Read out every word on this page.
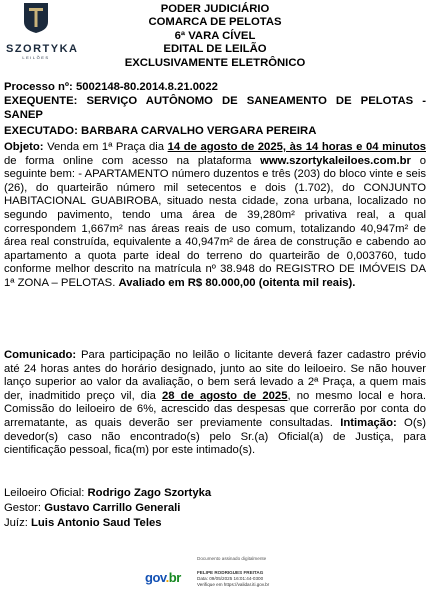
SZORTYKA
LEILÕES
PODER JUDICIÁRIO
COMARCA DE PELOTAS
6ª VARA CÍVEL
EDITAL DE LEILÃO
EXCLUSIVAMENTE ELETRÔNICO
Processo nº: 5002148-80.2014.8.21.0022
EXEQUENTE: SERVIÇO AUTÔNOMO DE SANEAMENTO DE PELOTAS - SANEP
EXECUTADO: BARBARA CARVALHO VERGARA PEREIRA
Objeto: Venda em 1ª Praça dia 14 de agosto de 2025, às 14 horas e 04 minutos de forma online com acesso na plataforma www.szortykaleiloes.com.br o seguinte bem: - APARTAMENTO número duzentos e três (203) do bloco vinte e seis (26), do quarteirão número mil setecentos e dois (1.702), do CONJUNTO HABITACIONAL GUABIROBA, situado nesta cidade, zona urbana, localizado no segundo pavimento, tendo uma área de 39,280m² privativa real, a qual correspondem 1,667m² nas áreas reais de uso comum, totalizando 40,947m² de área real construída, equivalente a 40,947m² de área de construção e cabendo ao apartamento a quota parte ideal do terreno do quarteirão de 0,003760, tudo conforme melhor descrito na matrícula nº 38.948 do REGISTRO DE IMÓVEIS DA 1ª ZONA – PELOTAS. Avaliado em R$ 80.000,00 (oitenta mil reais).
Comunicado: Para participação no leilão o licitante deverá fazer cadastro prévio até 24 horas antes do horário designado, junto ao site do leiloeiro. Se não houver lanço superior ao valor da avaliação, o bem será levado a 2ª Praça, a quem mais der, inadmitido preço vil, dia 28 de agosto de 2025, no mesmo local e hora. Comissão do leiloeiro de 6%, acrescido das despesas que correrão por conta do arrematante, as quais deverão ser previamente consultadas. Intimação: O(s) devedor(s) caso não encontrado(s) pelo Sr.(a) Oficial(a) de Justiça, para cientificação pessoal, fica(m) por este intimado(s).
Leiloeiro Oficial: Rodrigo Zago Szortyka
Gestor: Gustavo Carrillo Generali
Juíz: Luis Antonio Saud Teles
Documento assinado digitalmente
gov.br	FELIPE RODRIGUES FREITAG
Data: 09/05/2025 16:01:44-0300
Verifique em https://validar.iti.gov.br
